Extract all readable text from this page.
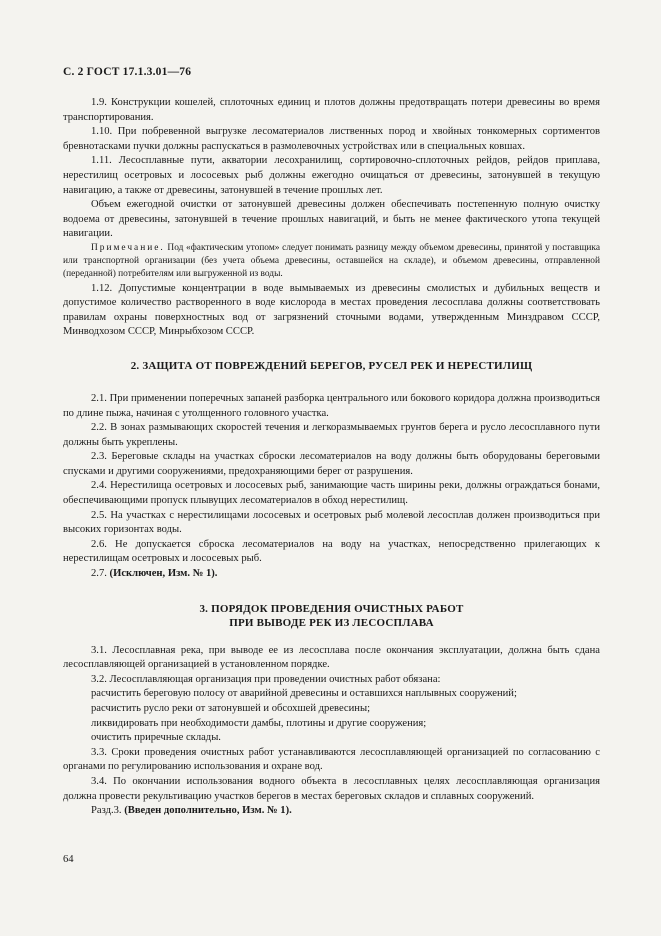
С. 2 ГОСТ 17.1.3.01—76

1.9. Конструкции кошелей, сплоточных единиц и плотов должны предотвращать потери древесины во время транспортирования.

1.10. При побревенной выгрузке лесоматериалов лиственных пород и хвойных тонкомерных сортиментов бревнотасками пучки должны распускаться в размолевочных устройствах или в специальных ковшах.

1.11. Лесосплавные пути, акватории лесохранилищ, сортировочно-сплоточных рейдов, рейдов приплава, нерестилищ осетровых и лососевых рыб должны ежегодно очищаться от древесины, затонувшей в текущую навигацию, а также от древесины, затонувшей в течение прошлых лет.

Объем ежегодной очистки от затонувшей древесины должен обеспечивать постепенную полную очистку водоема от древесины, затонувшей в течение прошлых навигаций, и быть не менее фактического утопа текущей навигации.

Примечание. Под «фактическим утопом» следует понимать разницу между объемом древесины, принятой у поставщика или транспортной организации (без учета объема древесины, оставшейся на складе), и объемом древесины, отправленной (переданной) потребителям или выгруженной из воды.

1.12. Допустимые концентрации в воде вымываемых из древесины смолистых и дубильных веществ и допустимое количество растворенного в воде кислорода в местах проведения лесосплава должны соответствовать правилам охраны поверхностных вод от загрязнений сточными водами, утвержденным Минздравом СССР, Минводхозом СССР, Минрыбхозом СССР.

2. ЗАЩИТА ОТ ПОВРЕЖДЕНИЙ БЕРЕГОВ, РУСЕЛ РЕК И НЕРЕСТИЛИЩ

2.1. При применении поперечных запаней разборка центрального или бокового коридора должна производиться по длине пыжа, начиная с утолщенного головного участка.

2.2. В зонах размывающих скоростей течения и легкоразмываемых грунтов берега и русло лесосплавного пути должны быть укреплены.

2.3. Береговые склады на участках сброски лесоматериалов на воду должны быть оборудованы береговыми спусками и другими сооружениями, предохраняющими берег от разрушения.

2.4. Нерестилища осетровых и лососевых рыб, занимающие часть ширины реки, должны ограждаться бонами, обеспечивающими пропуск плывущих лесоматериалов в обход нерестилищ.

2.5. На участках с нерестилищами лососевых и осетровых рыб молевой лесосплав должен производиться при высоких горизонтах воды.

2.6. Не допускается сброска лесоматериалов на воду на участках, непосредственно прилегающих к нерестилищам осетровых и лососевых рыб.

2.7. (Исключен, Изм. № 1).

3. ПОРЯДОК ПРОВЕДЕНИЯ ОЧИСТНЫХ РАБОТ
ПРИ ВЫВОДЕ РЕК ИЗ ЛЕСОСПЛАВА

3.1. Лесосплавная река, при выводе ее из лесосплава после окончания эксплуатации, должна быть сдана лесосплавляющей организацией в установленном порядке.

3.2. Лесосплавляющая организация при проведении очистных работ обязана:

расчистить береговую полосу от аварийной древесины и оставшихся наплывных сооружений;

расчистить русло реки от затонувшей и обсохшей древесины;

ликвидировать при необходимости дамбы, плотины и другие сооружения;

очистить приречные склады.

3.3. Сроки проведения очистных работ устанавливаются лесосплавляющей организацией по согласованию с органами по регулированию использования и охране вод.

3.4. По окончании использования водного объекта в лесосплавных целях лесосплавляющая организация должна провести рекультивацию участков берегов в местах береговых складов и сплавных сооружений.

Разд.3. (Введен дополнительно, Изм. № 1).

64
